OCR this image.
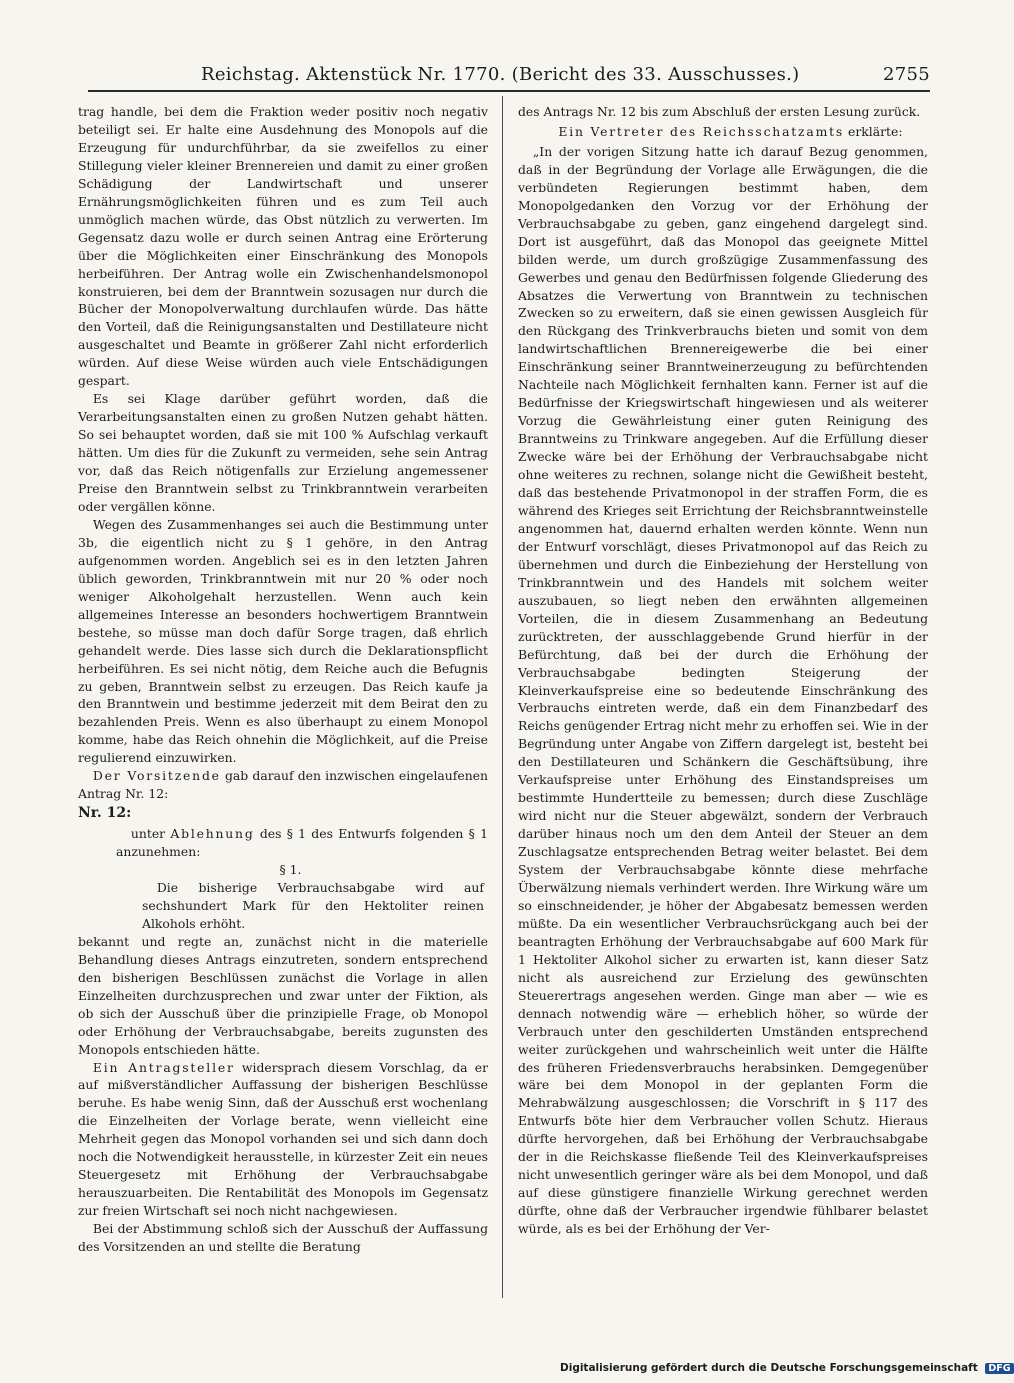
Reichstag. Aktenstück Nr. 1770. (Bericht des 33. Ausschusses.)	2755

trag handle, bei dem die Fraktion weder positiv noch negativ beteiligt sei. Er halte eine Ausdehnung des Monopols auf die Erzeugung für undurchführbar, da sie zweifellos zu einer Stillegung vieler kleiner Brennereien und damit zu einer großen Schädigung der Landwirtschaft und unserer Ernährungsmöglichkeiten führen und es zum Teil auch unmöglich machen würde, das Obst nützlich zu verwerten. Im Gegensatz dazu wolle er durch seinen Antrag eine Erörterung über die Möglichkeiten einer Einschränkung des Monopols herbeiführen. Der Antrag wolle ein Zwischenhandelsmonopol konstruieren, bei dem der Branntwein sozusagen nur durch die Bücher der Monopolverwaltung durchlaufen würde. Das hätte den Vorteil, daß die Reinigungsanstalten und Destillateure nicht ausgeschaltet und Beamte in größerer Zahl nicht erforderlich würden. Auf diese Weise würden auch viele Entschädigungen gespart.

Es sei Klage darüber geführt worden, daß die Verarbeitungsanstalten einen zu großen Nutzen gehabt hätten. So sei behauptet worden, daß sie mit 100 % Aufschlag verkauft hätten. Um dies für die Zukunft zu vermeiden, sehe sein Antrag vor, daß das Reich nötigenfalls zur Erzielung angemessener Preise den Branntwein selbst zu Trinkbranntwein verarbeiten oder vergällen könne.

Wegen des Zusammenhanges sei auch die Bestimmung unter 3b, die eigentlich nicht zu § 1 gehöre, in den Antrag aufgenommen worden. Angeblich sei es in den letzten Jahren üblich geworden, Trinkbranntwein mit nur 20 % oder noch weniger Alkoholgehalt herzustellen. Wenn auch kein allgemeines Interesse an besonders hochwertigem Branntwein bestehe, so müsse man doch dafür Sorge tragen, daß ehrlich gehandelt werde. Dies lasse sich durch die Deklarationspflicht herbeiführen. Es sei nicht nötig, dem Reiche auch die Befugnis zu geben, Branntwein selbst zu erzeugen. Das Reich kaufe ja den Branntwein und bestimme jederzeit mit dem Beirat den zu bezahlenden Preis. Wenn es also überhaupt zu einem Monopol komme, habe das Reich ohnehin die Möglichkeit, auf die Preise regulierend einzuwirken.

Der Vorsitzende gab darauf den inzwischen eingelaufenen Antrag Nr. 12:

Nr. 12:

unter Ablehnung des § 1 des Entwurfs folgenden § 1 anzunehmen:

§ 1.

Die bisherige Verbrauchsabgabe wird auf sechshundert Mark für den Hektoliter reinen Alkohols erhöht.

bekannt und regte an, zunächst nicht in die materielle Behandlung dieses Antrags einzutreten, sondern entsprechend den bisherigen Beschlüssen zunächst die Vorlage in allen Einzelheiten durchzusprechen und zwar unter der Fiktion, als ob sich der Ausschuß über die prinzipielle Frage, ob Monopol oder Erhöhung der Verbrauchsabgabe, bereits zugunsten des Monopols entschieden hätte.

Ein Antragsteller widersprach diesem Vorschlag, da er auf mißverständlicher Auffassung der bisherigen Beschlüsse beruhe. Es habe wenig Sinn, daß der Ausschuß erst wochenlang die Einzelheiten der Vorlage berate, wenn vielleicht eine Mehrheit gegen das Monopol vorhanden sei und sich dann doch noch die Notwendigkeit herausstelle, in kürzester Zeit ein neues Steuergesetz mit Erhöhung der Verbrauchsabgabe herauszuarbeiten. Die Rentabilität des Monopols im Gegensatz zur freien Wirtschaft sei noch nicht nachgewiesen.

Bei der Abstimmung schloß sich der Ausschuß der Auffassung des Vorsitzenden an und stellte die Beratung

des Antrags Nr. 12 bis zum Abschluß der ersten Lesung zurück.

Ein Vertreter des Reichsschatzamts erklärte:

„In der vorigen Sitzung hatte ich darauf Bezug genommen, daß in der Begründung der Vorlage alle Erwägungen, die die verbündeten Regierungen bestimmt haben, dem Monopolgedanken den Vorzug vor der Erhöhung der Verbrauchsabgabe zu geben, ganz eingehend dargelegt sind. Dort ist ausgeführt, daß das Monopol das geeignete Mittel bilden werde, um durch großzügige Zusammenfassung des Gewerbes und genau den Bedürfnissen folgende Gliederung des Absatzes die Verwertung von Branntwein zu technischen Zwecken so zu erweitern, daß sie einen gewissen Ausgleich für den Rückgang des Trinkverbrauchs bieten und somit von dem landwirtschaftlichen Brennereigewerbe die bei einer Einschränkung seiner Branntweinerzeugung zu befürchtenden Nachteile nach Möglichkeit fernhalten kann. Ferner ist auf die Bedürfnisse der Kriegswirtschaft hingewiesen und als weiterer Vorzug die Gewährleistung einer guten Reinigung des Branntweins zu Trinkware angegeben. Auf die Erfüllung dieser Zwecke wäre bei der Erhöhung der Verbrauchsabgabe nicht ohne weiteres zu rechnen, solange nicht die Gewißheit besteht, daß das bestehende Privatmonopol in der straffen Form, die es während des Krieges seit Errichtung der Reichsbranntweinstelle angenommen hat, dauernd erhalten werden könnte. Wenn nun der Entwurf vorschlägt, dieses Privatmonopol auf das Reich zu übernehmen und durch die Einbeziehung der Herstellung von Trinkbranntwein und des Handels mit solchem weiter auszubauen, so liegt neben den erwähnten allgemeinen Vorteilen, die in diesem Zusammenhang an Bedeutung zurücktreten, der ausschlaggebende Grund hierfür in der Befürchtung, daß bei der durch die Erhöhung der Verbrauchsabgabe bedingten Steigerung der Kleinverkaufspreise eine so bedeutende Einschränkung des Verbrauchs eintreten werde, daß ein dem Finanzbedarf des Reichs genügender Ertrag nicht mehr zu erhoffen sei. Wie in der Begründung unter Angabe von Ziffern dargelegt ist, besteht bei den Destillateuren und Schänkern die Geschäftsübung, ihre Verkaufspreise unter Erhöhung des Einstandspreises um bestimmte Hundertteile zu bemessen; durch diese Zuschläge wird nicht nur die Steuer abgewälzt, sondern der Verbrauch darüber hinaus noch um den dem Anteil der Steuer an dem Zuschlagsatze entsprechenden Betrag weiter belastet. Bei dem System der Verbrauchsabgabe könnte diese mehrfache Überwälzung niemals verhindert werden. Ihre Wirkung wäre um so einschneidender, je höher der Abgabesatz bemessen werden müßte. Da ein wesentlicher Verbrauchsrückgang auch bei der beantragten Erhöhung der Verbrauchsabgabe auf 600 Mark für 1 Hektoliter Alkohol sicher zu erwarten ist, kann dieser Satz nicht als ausreichend zur Erzielung des gewünschten Steuerertrags angesehen werden. Ginge man aber — wie es dennach notwendig wäre — erheblich höher, so würde der Verbrauch unter den geschilderten Umständen entsprechend weiter zurückgehen und wahrscheinlich weit unter die Hälfte des früheren Friedensverbrauchs herabsinken. Demgegenüber wäre bei dem Monopol in der geplanten Form die Mehrabwälzung ausgeschlossen; die Vorschrift in § 117 des Entwurfs böte hier dem Verbraucher vollen Schutz. Hieraus dürfte hervorgehen, daß bei Erhöhung der Verbrauchsabgabe der in die Reichskasse fließende Teil des Kleinverkaufspreises nicht unwesentlich geringer wäre als bei dem Monopol, und daß auf diese günstigere finanzielle Wirkung gerechnet werden dürfte, ohne daß der Verbraucher irgendwie fühlbarer belastet würde, als es bei der Erhöhung der Ver-

Digitalisierung gefördert durch die Deutsche Forschungsgemeinschaft DFG
